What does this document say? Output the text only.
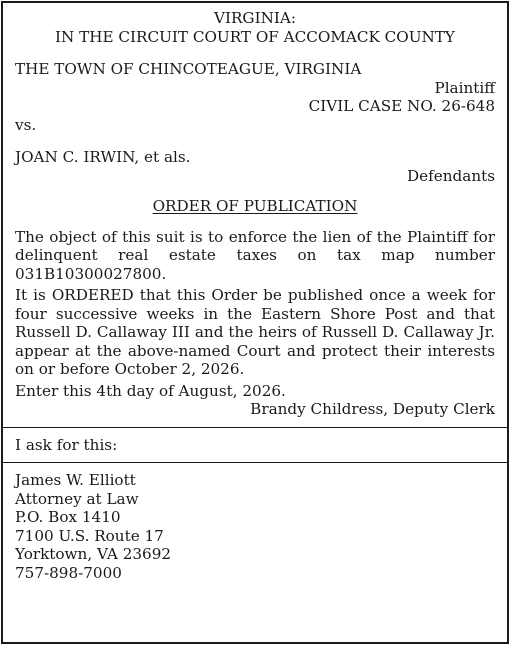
VIRGINIA:
IN THE CIRCUIT COURT OF ACCOMACK COUNTY
THE TOWN OF CHINCOTEAGUE, VIRGINIA
Plaintiff
CIVIL CASE NO. 26-648
vs.
JOAN C. IRWIN, et als.
Defendants
ORDER OF PUBLICATION

The object of this suit is to enforce the lien of the Plaintiff for delinquent real estate taxes on tax map number 031B10300027800.

It is ORDERED that this Order be published once a week for four successive weeks in the Eastern Shore Post and that Russell D. Callaway III and the heirs of Russell D. Callaway Jr. appear at the above-named Court and protect their interests on or before October 2, 2026.

Enter this 4th day of August, 2026.

Brandy Childress, Deputy Clerk

I ask for this:

James W. Elliott
Attorney at Law
P.O. Box 1410
7100 U.S. Route 17
Yorktown, VA 23692
757-898-7000
